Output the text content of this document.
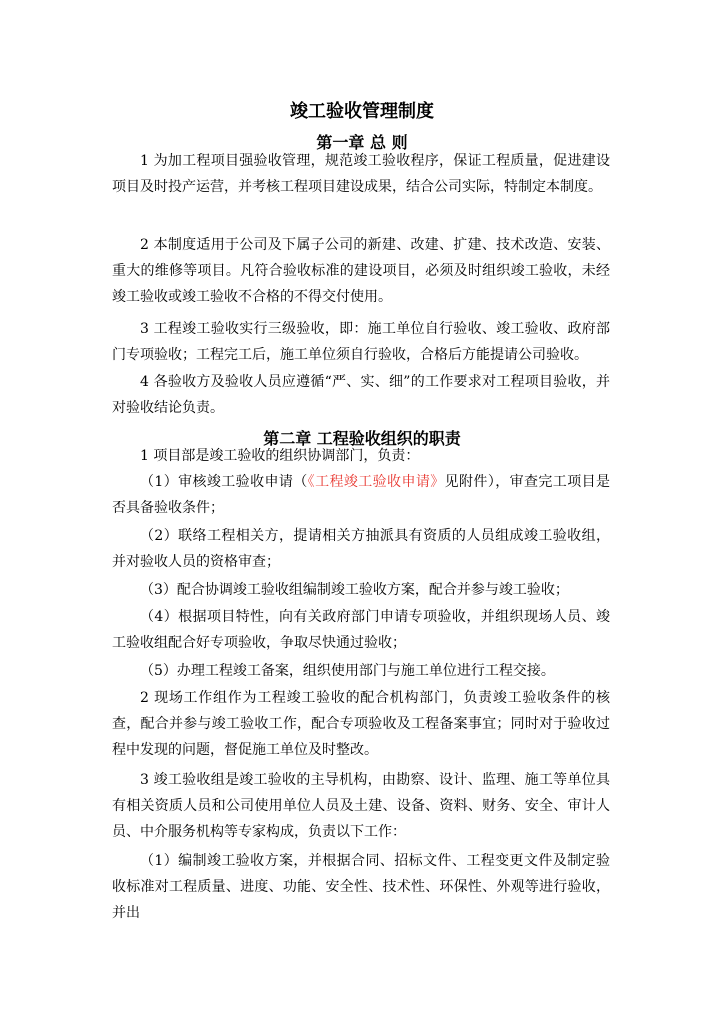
竣工验收管理制度
第一章 总 则

1 为加工程项目强验收管理，规范竣工验收程序，保证工程质量，促进建设项目及时投产运营，并考核工程项目建设成果，结合公司实际，特制定本制度。

2 本制度适用于公司及下属子公司的新建、改建、扩建、技术改造、安装、重大的维修等项目。凡符合验收标准的建设项目，必须及时组织竣工验收，未经竣工验收或竣工验收不合格的不得交付使用。

3 工程竣工验收实行三级验收，即：施工单位自行验收、竣工验收、政府部门专项验收；工程完工后，施工单位须自行验收，合格后方能提请公司验收。

4 各验收方及验收人员应遵循“严、实、细”的工作要求对工程项目验收，并对验收结论负责。

第二章 工程验收组织的职责

1 项目部是竣工验收的组织协调部门，负责：

（1）审核竣工验收申请（《工程竣工验收申请》见附件），审查完工项目是否具备验收条件；

（2）联络工程相关方，提请相关方抽派具有资质的人员组成竣工验收组，并对验收人员的资格审查；

（3）配合协调竣工验收组编制竣工验收方案，配合并参与竣工验收；

（4）根据项目特性，向有关政府部门申请专项验收，并组织现场人员、竣工验收组配合好专项验收，争取尽快通过验收；

（5）办理工程竣工备案，组织使用部门与施工单位进行工程交接。

2 现场工作组作为工程竣工验收的配合机构部门，负责竣工验收条件的核查，配合并参与竣工验收工作，配合专项验收及工程备案事宜；同时对于验收过程中发现的问题，督促施工单位及时整改。

3 竣工验收组是竣工验收的主导机构，由勘察、设计、监理、施工等单位具有相关资质人员和公司使用单位人员及土建、设备、资料、财务、安全、审计人员、中介服务机构等专家构成，负责以下工作：

（1）编制竣工验收方案，并根据合同、招标文件、工程变更文件及制定验收标准对工程质量、进度、功能、安全性、技术性、环保性、外观等进行验收，并出
